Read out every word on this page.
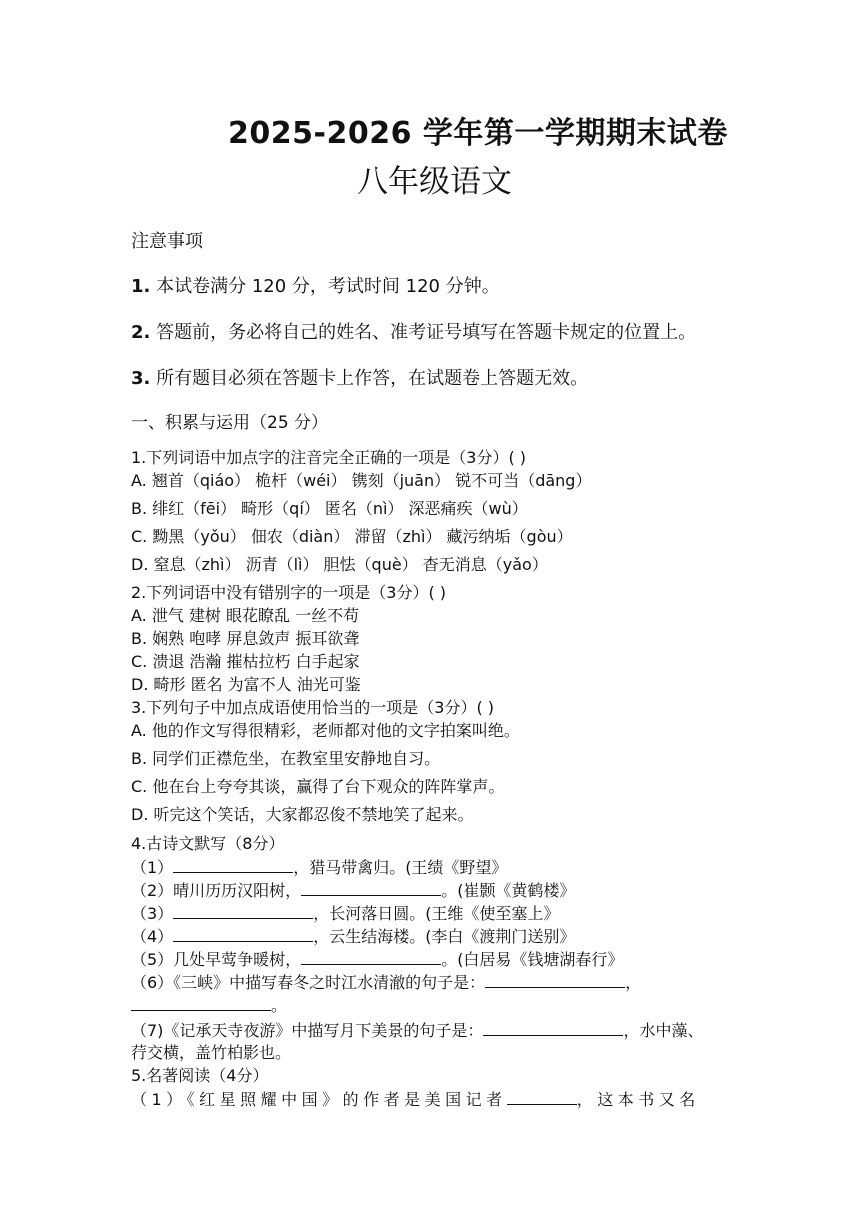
2025-2026 学年第一学期期末试卷
八年级语文
注意事项
1. 本试卷满分 120 分，考试时间 120 分钟。
2. 答题前，务必将自己的姓名、准考证号填写在答题卡规定的位置上。
3. 所有题目必须在答题卡上作答，在试题卷上答题无效。
一、积累与运用（25 分）
1.下列词语中加点字的注音完全正确的一项是（3分）( )
A. 翘首（qiáo） 桅杆（wéi） 镌刻（juān） 锐不可当（dāng）
B. 绯红（fēi） 畸形（qí） 匿名（nì） 深恶痛疾（wù）
C. 黝黑（yǒu） 佃农（diàn） 滞留（zhì） 藏污纳垢（gòu）
D. 窒息（zhì） 沥青（lì） 胆怯（què） 杳无消息（yǎo）
2.下列词语中没有错别字的一项是（3分）( )
A. 泄气 建树 眼花瞭乱 一丝不苟
B. 娴熟 咆哮 屏息敛声 振耳欲聋
C. 溃退 浩瀚 摧枯拉朽 白手起家
D. 畸形 匿名 为富不人 油光可鉴
3.下列句子中加点成语使用恰当的一项是（3分）( )
A. 他的作文写得很精彩，老师都对他的文字拍案叫绝。
B. 同学们正襟危坐，在教室里安静地自习。
C. 他在台上夸夸其谈，赢得了台下观众的阵阵掌声。
D. 听完这个笑话，大家都忍俊不禁地笑了起来。
4.古诗文默写（8分）
（1）	，猎马带禽归。(王绩《野望》
（2）晴川历历汉阳树，	。(崔颢《黄鹤楼》
（3）	，长河落日圆。(王维《使至塞上》
（4）	，云生结海楼。(李白《渡荆门送别》
（5）几处早莺争暖树，	。(白居易《钱塘湖春行》
（6）《三峡》中描写春冬之时江水清澈的句子是：	，
。
（7)《记承天寺夜游》中描写月下美景的句子是：	，水中藻、
荇交横，盖竹柏影也。
5.名著阅读（4分）
（1）《红星照耀中国》的作者是美国记者	，这本书又名
